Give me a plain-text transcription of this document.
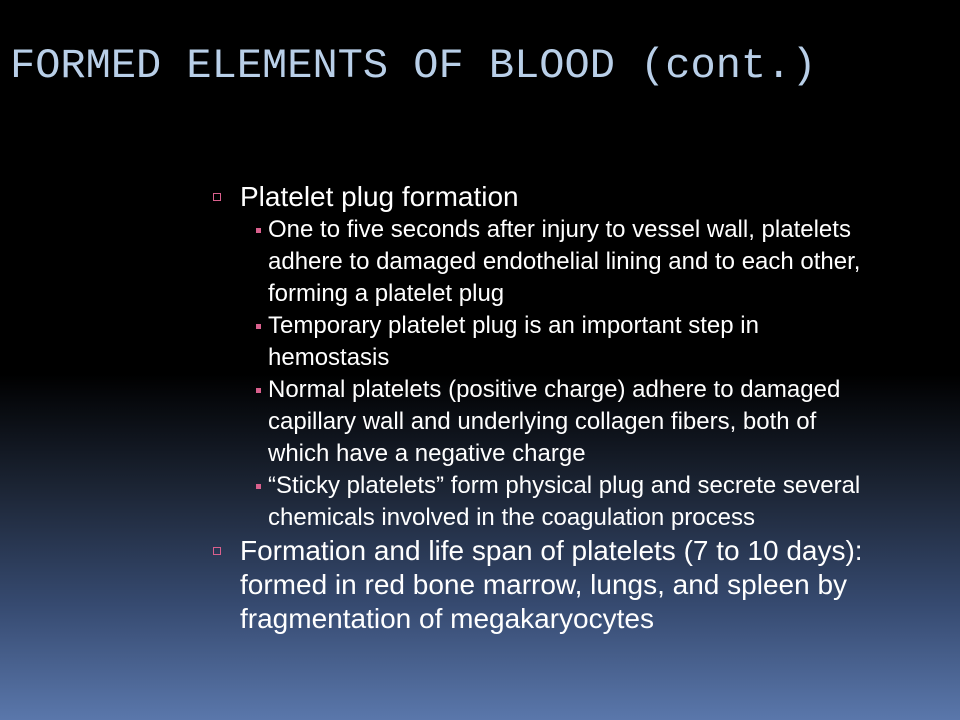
FORMED ELEMENTS OF BLOOD (cont.)
Platelet plug formation
One to five seconds after injury to vessel wall, platelets
adhere to damaged endothelial lining and to each other,
forming a platelet plug
Temporary platelet plug is an important step in
hemostasis
Normal platelets (positive charge) adhere to damaged
capillary wall and underlying collagen fibers, both of
which have a negative charge
“Sticky platelets” form physical plug and secrete several
chemicals involved in the coagulation process
Formation and life span of platelets (7 to 10 days):
formed in red bone marrow, lungs, and spleen by
fragmentation of megakaryocytes
